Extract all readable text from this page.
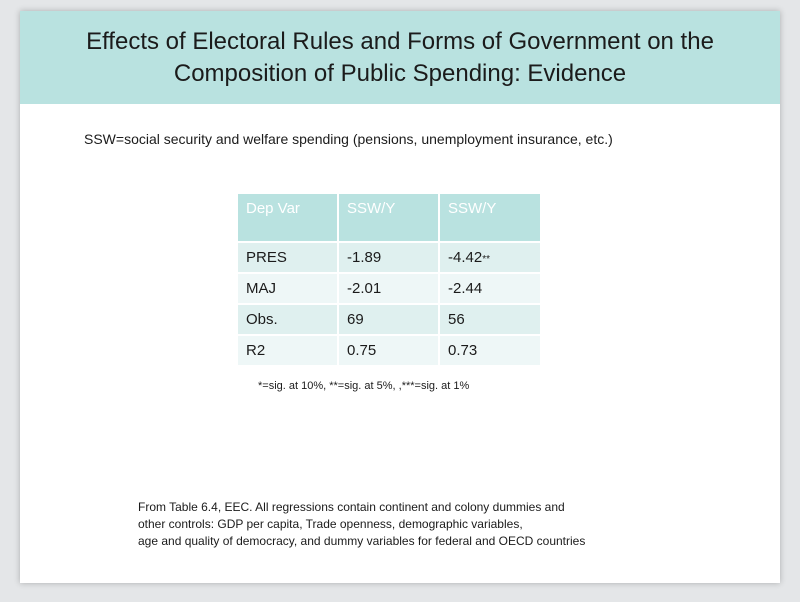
Effects of Electoral Rules and Forms of Government on the
Composition of Public Spending: Evidence
SSW=social security and welfare spending (pensions, unemployment insurance, etc.)
Dep Var	SSW/Y	SSW/Y
PRES	-1.89	-4.42**
MAJ	-2.01	-2.44
Obs.	69	56
R2	0.75	0.73
*=sig. at 10%, **=sig. at 5%, ,***=sig. at 1%
From Table 6.4, EEC. All regressions contain continent and colony dummies and
other controls: GDP per capita, Trade openness, demographic variables,
age and quality of democracy, and dummy variables for federal and OECD countries
